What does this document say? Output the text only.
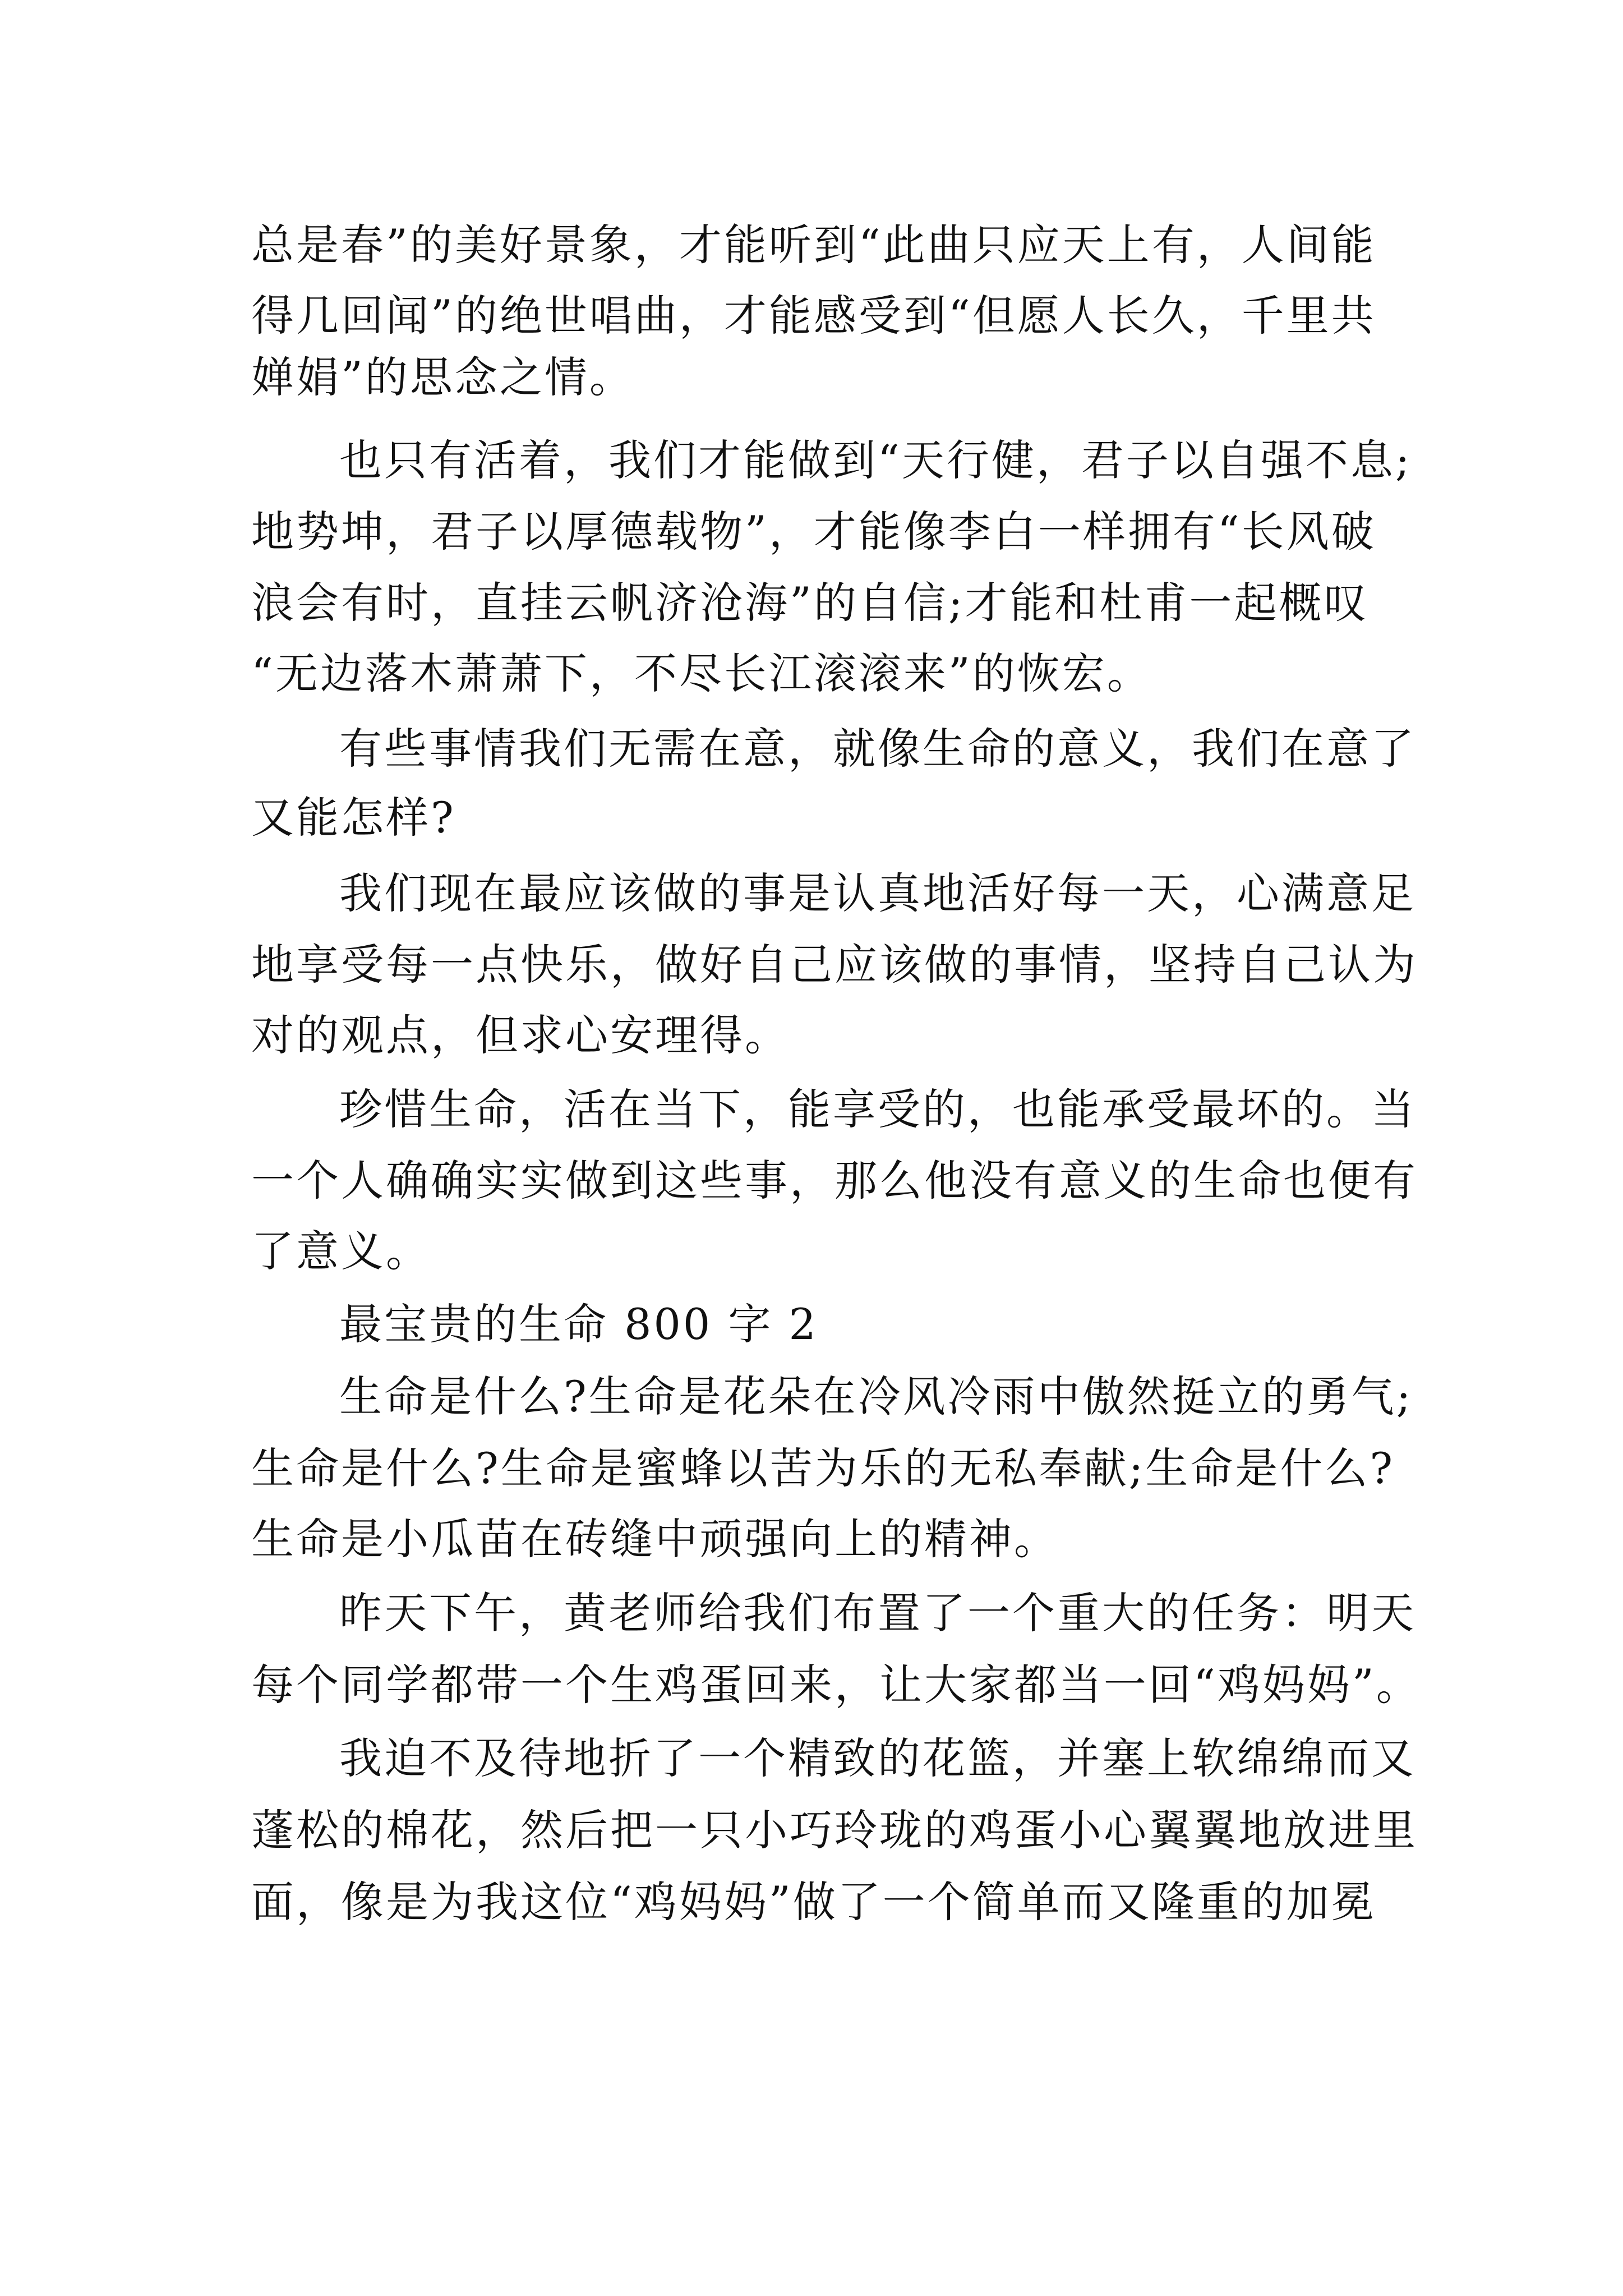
总是春”的美好景象，才能听到“此曲只应天上有，人间能
得几回闻”的绝世唱曲，才能感受到“但愿人长久，千里共
婵娟”的思念之情。
也只有活着，我们才能做到“天行健，君子以自强不息;
地势坤，君子以厚德载物”，才能像李白一样拥有“长风破
浪会有时，直挂云帆济沧海”的自信;才能和杜甫一起概叹
“无边落木萧萧下，不尽长江滚滚来”的恢宏。
有些事情我们无需在意，就像生命的意义，我们在意了
又能怎样?
我们现在最应该做的事是认真地活好每一天，心满意足
地享受每一点快乐，做好自己应该做的事情，坚持自己认为
对的观点，但求心安理得。
珍惜生命，活在当下，能享受的，也能承受最坏的。当
一个人确确实实做到这些事，那么他没有意义的生命也便有
了意义。
最宝贵的生命 800 字 2
生命是什么?生命是花朵在冷风冷雨中傲然挺立的勇气;
生命是什么?生命是蜜蜂以苦为乐的无私奉献;生命是什么?
生命是小瓜苗在砖缝中顽强向上的精神。
昨天下午，黄老师给我们布置了一个重大的任务：明天
每个同学都带一个生鸡蛋回来，让大家都当一回“鸡妈妈”。
我迫不及待地折了一个精致的花篮，并塞上软绵绵而又
蓬松的棉花，然后把一只小巧玲珑的鸡蛋小心翼翼地放进里
面，像是为我这位“鸡妈妈”做了一个简单而又隆重的加冕
